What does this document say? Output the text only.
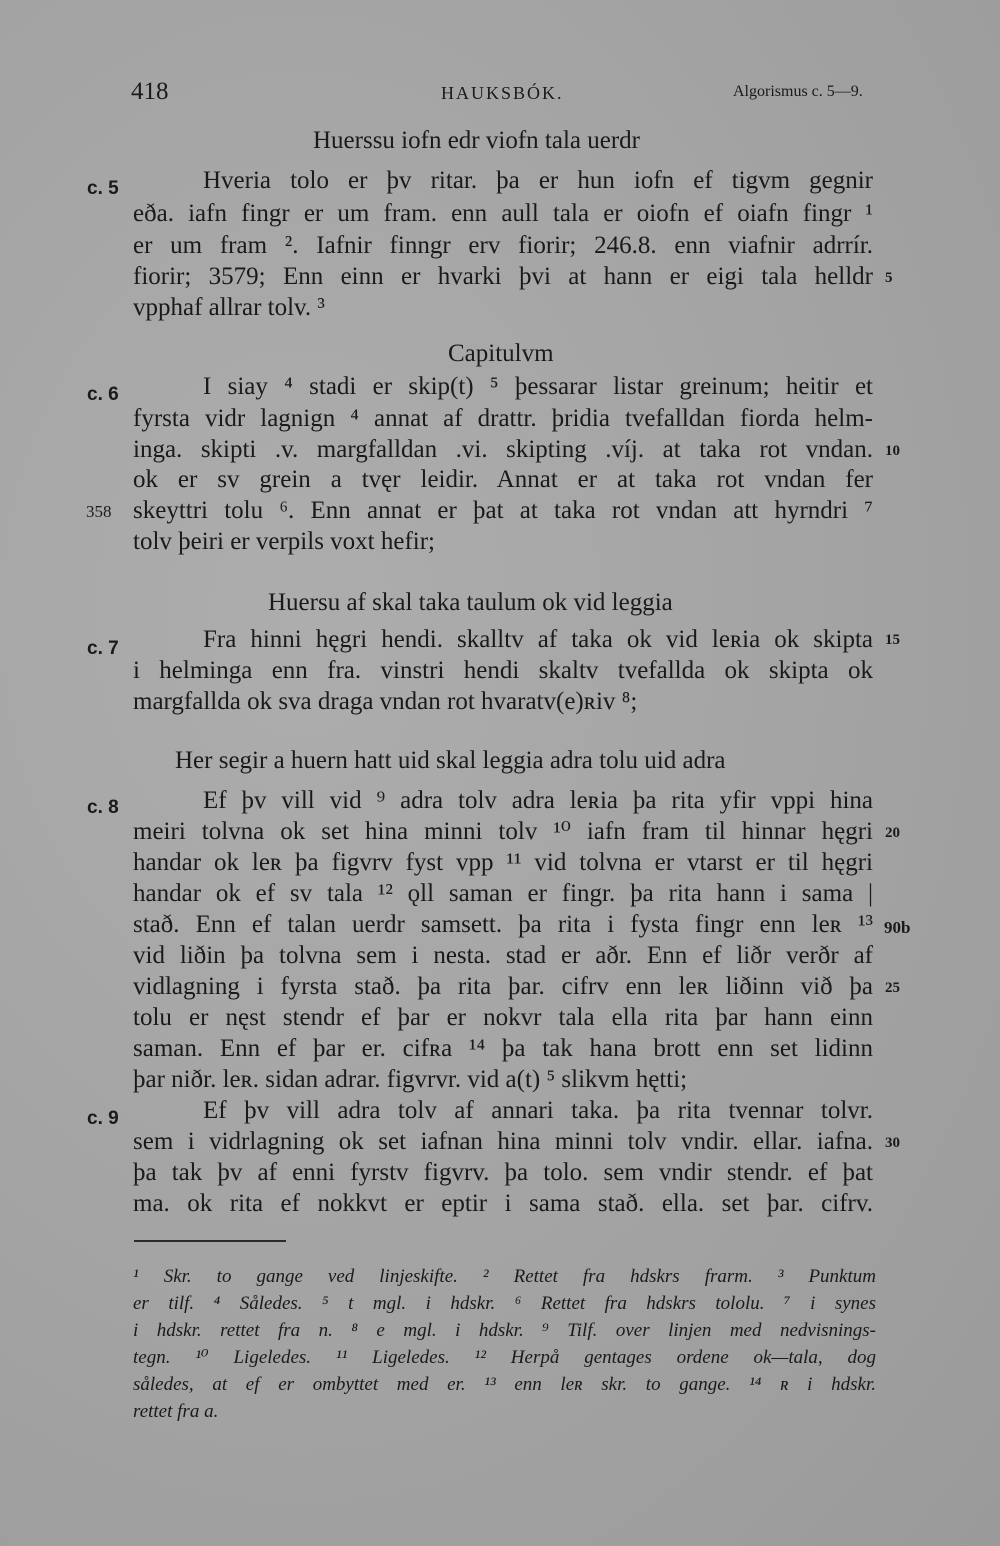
418	HAUKSBÓK.	Algorismus c. 5—9.
Hu​erssu iofn edr viofn tala uerdr
c. 5	Hveria tolo er þv ritar. þa er hun iofn ef tigvm gegnir
eða. iafn fingr er um fram. enn aull tala er oiofn ef oiafn fingr ¹
er um fram ². Iafnir finngr erv fiorir; 246.8. enn viafnir adrrír.
fiorir; 3579; Enn einn er hvarki þvi at hann er eigi tala helldr 5
vpphaf allrar tolv. ³
Capitulvm
c. 6	I siay ⁴ stadi er skip(t) ⁵ þessarar listar greinum; heitir et
fyrsta vidr lagnign ⁴ annat af drattr. þridia tvefalldan fiorda helm-
inga. skipti .v. margfalldan .vi. skipting .víj. at taka rot vndan. 10
ok er sv grein a tvęr leidir. Annat er at taka rot vndan fer
358 skeyttri tolu ⁶. Enn annat er þat at taka rot vndan att hyrndri ⁷
tolv þeiri er verpils voxt hefir;
Huersu af skal taka taulum ok vid leggia
c. 7	Fra hinni hęgri hendi. skalltv af taka ok vid leʀia ok skipta 15
i helminga enn fra. vinstri hendi skaltv tvefallda ok skipta ok
margfallda ok sva draga vndan rot hvaratv(e)ʀiv ⁸;
Her segir a huern hatt uid skal leggia adra tolu uid adra
c. 8	Ef þv vill vid ⁹ adra tolv adra leʀia þa rita yfir vppi hina
meiri tolvna ok set hina minni tolv ¹⁰ iafn fram til hinnar hęgri 20
handar ok leʀ þa figvrv fyst vpp ¹¹ vid tolvna er vtarst er til hęgri
handar ok ef sv tala ¹² ǫll saman er fingr. þa rita hann i sama |
stað. Enn ef talan uerdr samsett. þa rita i fysta fingr enn leʀ ¹³ 90b
vid liðin þa tolvna sem i nesta. stad er aðr. Enn ef liðr verðr af
vidlagning i fyrsta stað. þa rita þar. cifrv enn leʀ liðinn við þa 25
tolu er nęst stendr ef þar er nokvr tala ella rita þar hann einn
saman. Enn ef þar er. cifʀa ¹⁴ þa tak hana brott enn set lidinn
þar niðr. leʀ. sidan adrar. figvrvr. vid a(t) ⁵ slikvm hętti;
c. 9	Ef þv vill adra tolv af annari taka. þa rita tvennar tolvr.
sem i vidrlagning ok set iafnan hina minni tolv vndir. ellar. iafna. 30
þa tak þv af enni fyrstv figvrv. þa tolo. sem vndir stendr. ef þat
ma. ok rita ef nokkvt er eptir i sama stað. ella. set þar. cifrv.
¹ Skr. to gange ved linjeskifte. ² Rettet fra hdskrs frarm. ³ Punktum
er tilf. ⁴ Således. ⁵ t mgl. i hdskr. ⁶ Rettet fra hdskrs tololu. ⁷ i synes
i hdskr. rettet fra n. ⁸ e mgl. i hdskr. ⁹ Tilf. over linjen med nedvisnings-
tegn. ¹⁰ Ligeledes. ¹¹ Ligeledes. ¹² Herpå gentages ordene ok—tala, dog
således, at ef er ombyttet med er. ¹³ enn leʀ skr. to gange. ¹⁴ ʀ i hdskr.
rettet fra a.
